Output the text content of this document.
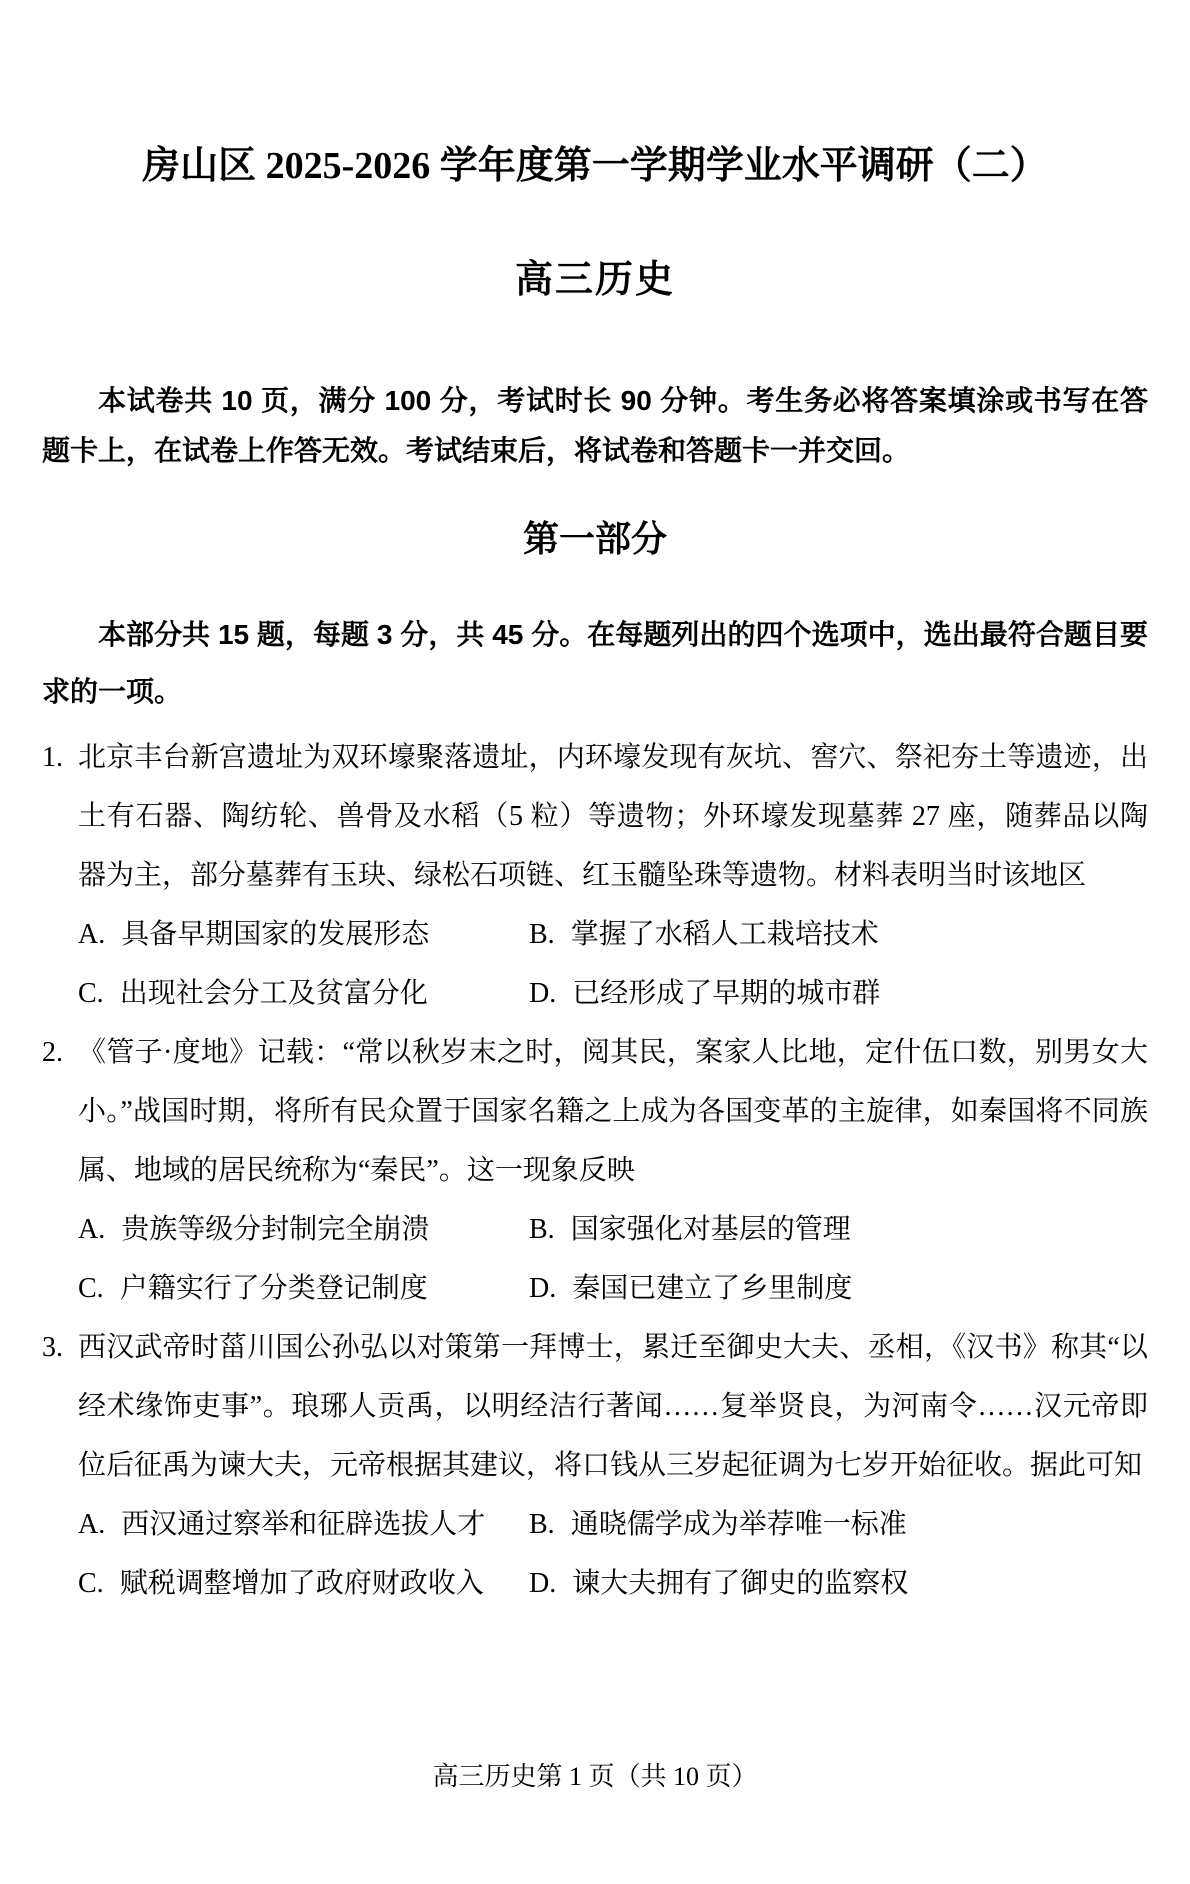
房山区 2025-2026 学年度第一学期学业水平调研（二）
高三历史

本试卷共 10 页，满分 100 分，考试时长 90 分钟。考生务必将答案填涂或书写在答题卡上，在试卷上作答无效。考试结束后，将试卷和答题卡一并交回。

第一部分

本部分共 15 题，每题 3 分，共 45 分。在每题列出的四个选项中，选出最符合题目要求的一项。

1. 北京丰台新宫遗址为双环壕聚落遗址，内环壕发现有灰坑、窖穴、祭祀夯土等遗迹，出土有石器、陶纺轮、兽骨及水稻（5 粒）等遗物；外环壕发现墓葬 27 座，随葬品以陶器为主，部分墓葬有玉玦、绿松石项链、红玉髓坠珠等遗物。材料表明当时该地区

A. 具备早期国家的发展形态	B. 掌握了水稻人工栽培技术
C. 出现社会分工及贫富分化	D. 已经形成了早期的城市群
2. 《管子·度地》记载：“常以秋岁末之时，阅其民，案家人比地，定什伍口数，别男女大小。”战国时期，将所有民众置于国家名籍之上成为各国变革的主旋律，如秦国将不同族属、地域的居民统称为“秦民”。这一现象反映

A. 贵族等级分封制完全崩溃	B. 国家强化对基层的管理
C. 户籍实行了分类登记制度	D. 秦国已建立了乡里制度
3. 西汉武帝时菑川国公孙弘以对策第一拜博士，累迁至御史大夫、丞相，《汉书》称其“以经术缘饰吏事”。琅琊人贡禹，以明经洁行著闻……复举贤良，为河南令……汉元帝即位后征禹为谏大夫，元帝根据其建议，将口钱从三岁起征调为七岁开始征收。据此可知

A. 西汉通过察举和征辟选拔人才	B. 通晓儒学成为举荐唯一标准
C. 赋税调整增加了政府财政收入	D. 谏大夫拥有了御史的监察权
高三历史第 1 页（共 10 页）
